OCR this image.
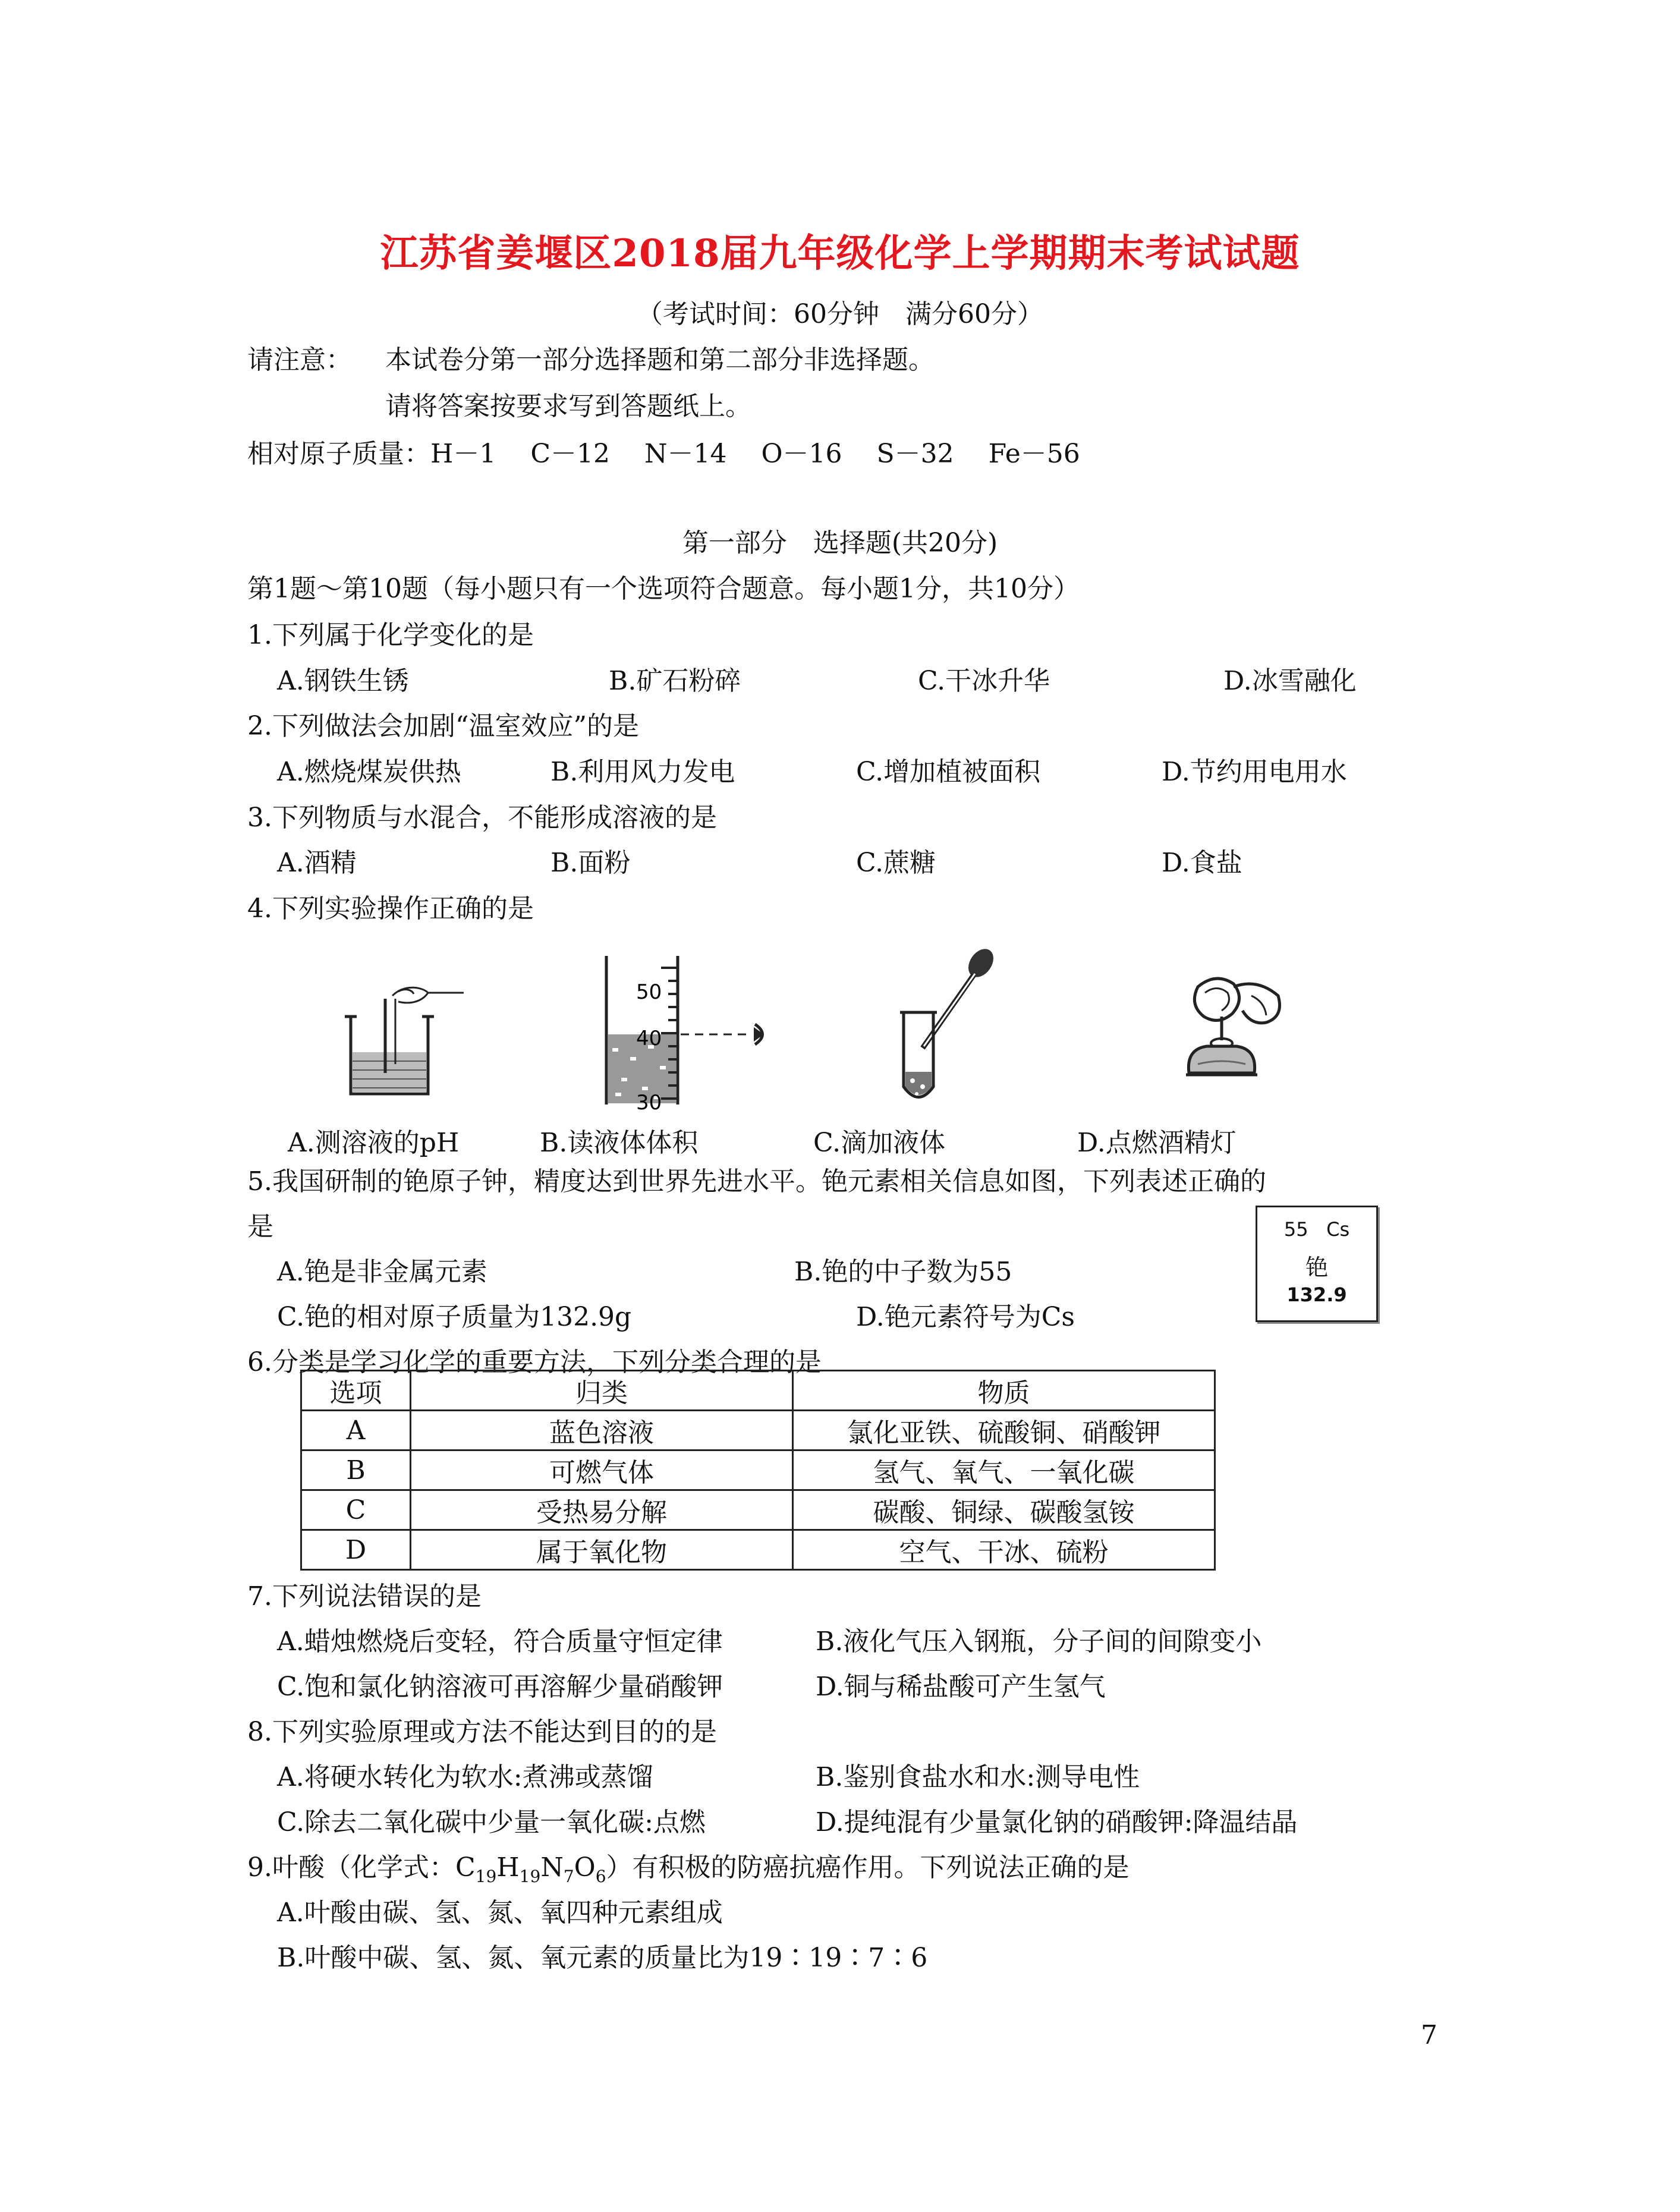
江苏省姜堰区2018届九年级化学上学期期末考试试题
（考试时间：60分钟　满分60分）
请注意： 本试卷分第一部分选择题和第二部分非选择题。
请将答案按要求写到答题纸上。
相对原子质量：H－1　 C－12　 N－14　 O－16　 S－32　 Fe－56
第一部分　选择题(共20分)
第1题～第10题（每小题只有一个选项符合题意。每小题1分，共10分）
1.下列属于化学变化的是
A.钢铁生锈	B.矿石粉碎	C.干冰升华	D.冰雪融化
2.下列做法会加剧“温室效应”的是
A.燃烧煤炭供热	B.利用风力发电	C.增加植被面积	D.节约用电用水
3.下列物质与水混合，不能形成溶液的是
A.酒精	B.面粉	C.蔗糖	D.食盐
4.下列实验操作正确的是
50
40
30
A.测溶液的pH	B.读液体体积	C.滴加液体	D.点燃酒精灯
5.我国研制的铯原子钟，精度达到世界先进水平。铯元素相关信息如图，下列表述正确的
是
A.铯是非金属元素	B.铯的中子数为55
C.铯的相对原子质量为132.9g	D.铯元素符号为Cs
55 Cs
铯
132.9
6.分类是学习化学的重要方法，下列分类合理的是
选项	归类	物质
A	蓝色溶液	氯化亚铁、硫酸铜、硝酸钾
B	可燃气体	氢气、氧气、一氧化碳
C	受热易分解	碳酸、铜绿、碳酸氢铵
D	属于氧化物	空气、干冰、硫粉
7.下列说法错误的是
A.蜡烛燃烧后变轻，符合质量守恒定律	B.液化气压入钢瓶，分子间的间隙变小
C.饱和氯化钠溶液可再溶解少量硝酸钾	D.铜与稀盐酸可产生氢气
8.下列实验原理或方法不能达到目的的是
A.将硬水转化为软水:煮沸或蒸馏	B.鉴别食盐水和水:测导电性
C.除去二氧化碳中少量一氧化碳:点燃	D.提纯混有少量氯化钠的硝酸钾:降温结晶
9.叶酸（化学式：$C_{19}H_{19}N_7O_6$）有积极的防癌抗癌作用。下列说法正确的是
A.叶酸由碳、氢、氮、氧四种元素组成
B.叶酸中碳、氢、氮、氧元素的质量比为19∶19∶7∶6
7
